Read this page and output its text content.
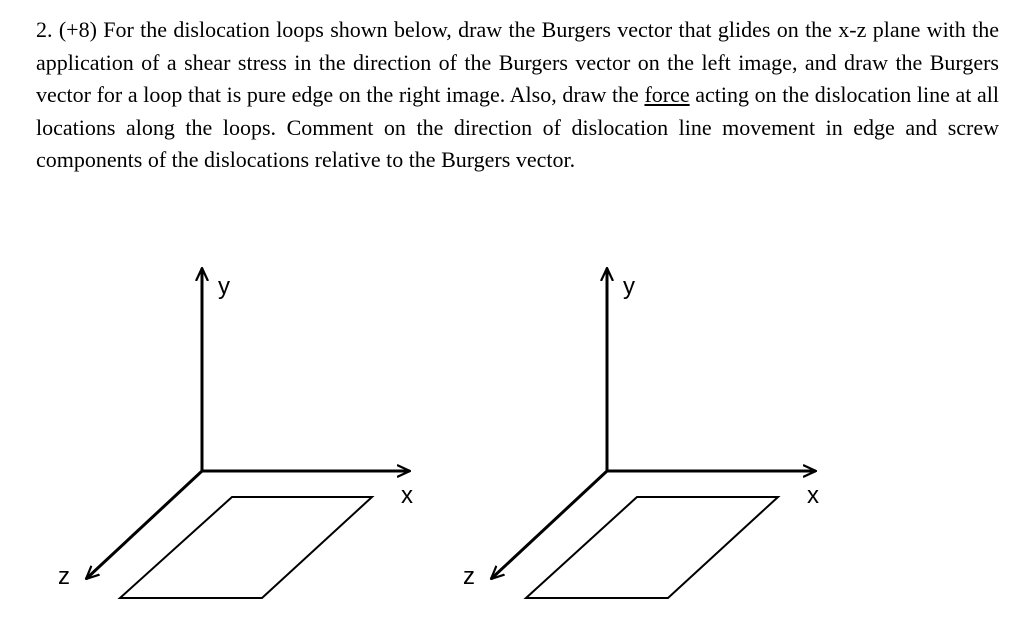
2. (+8) For the dislocation loops shown below, draw the Burgers vector that glides on the x-z plane with the application of a shear stress in the direction of the Burgers vector on the left image, and draw the Burgers vector for a loop that is pure edge on the right image. Also, draw the force acting on the dislocation line at all locations along the loops. Comment on the direction of dislocation line movement in edge and screw components of the dislocations relative to the Burgers vector.

y
x
z
y
x
z
